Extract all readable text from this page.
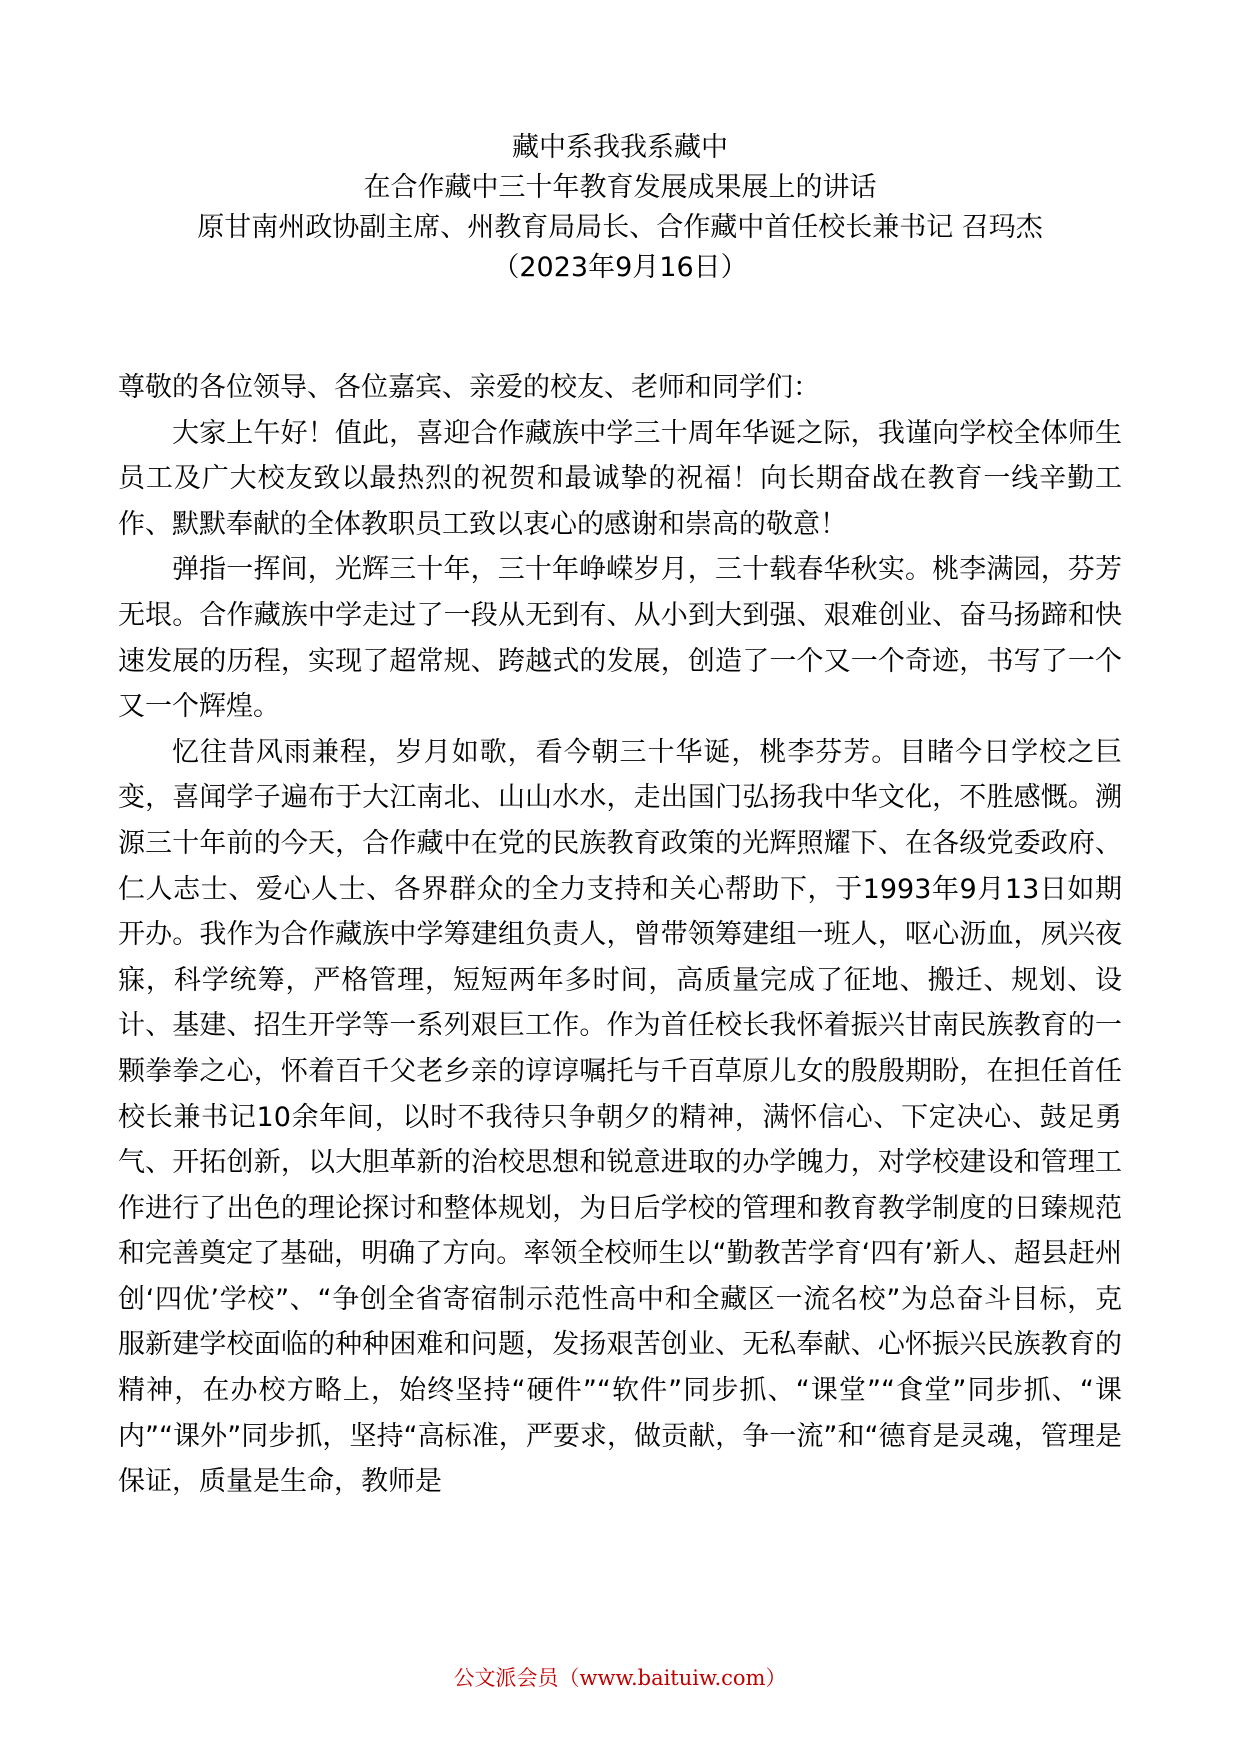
藏中系我我系藏中
在合作藏中三十年教育发展成果展上的讲话
原甘南州政协副主席、州教育局局长、合作藏中首任校长兼书记 召玛杰
（2023年9月16日）

尊敬的各位领导、各位嘉宾、亲爱的校友、老师和同学们：

大家上午好！值此，喜迎合作藏族中学三十周年华诞之际，我谨向学校全体师生员工及广大校友致以最热烈的祝贺和最诚挚的祝福！向长期奋战在教育一线辛勤工作、默默奉献的全体教职员工致以衷心的感谢和崇高的敬意！

弹指一挥间，光辉三十年，三十年峥嵘岁月，三十载春华秋实。桃李满园，芬芳无垠。合作藏族中学走过了一段从无到有、从小到大到强、艰难创业、奋马扬蹄和快速发展的历程，实现了超常规、跨越式的发展，创造了一个又一个奇迹，书写了一个又一个辉煌。

忆往昔风雨兼程，岁月如歌，看今朝三十华诞，桃李芬芳。目睹今日学校之巨变，喜闻学子遍布于大江南北、山山水水，走出国门弘扬我中华文化，不胜感慨。溯源三十年前的今天，合作藏中在党的民族教育政策的光辉照耀下、在各级党委政府、仁人志士、爱心人士、各界群众的全力支持和关心帮助下，于1993年9月13日如期开办。我作为合作藏族中学筹建组负责人，曾带领筹建组一班人，呕心沥血，夙兴夜寐，科学统筹，严格管理，短短两年多时间，高质量完成了征地、搬迁、规划、设计、基建、招生开学等一系列艰巨工作。作为首任校长我怀着振兴甘南民族教育的一颗拳拳之心，怀着百千父老乡亲的谆谆嘱托与千百草原儿女的殷殷期盼，在担任首任校长兼书记10余年间，以时不我待只争朝夕的精神，满怀信心、下定决心、鼓足勇气、开拓创新，以大胆革新的治校思想和锐意进取的办学魄力，对学校建设和管理工作进行了出色的理论探讨和整体规划，为日后学校的管理和教育教学制度的日臻规范和完善奠定了基础，明确了方向。率领全校师生以“勤教苦学育‘四有’新人、超县赶州创‘四优’学校”、“争创全省寄宿制示范性高中和全藏区一流名校”为总奋斗目标，克服新建学校面临的种种困难和问题，发扬艰苦创业、无私奉献、心怀振兴民族教育的精神，在办校方略上，始终坚持“硬件”“软件”同步抓、“课堂”“食堂”同步抓、“课内”“课外”同步抓，坚持“高标准，严要求，做贡献，争一流”和“德育是灵魂，管理是保证，质量是生命，教师是

公文派会员（www.baituiw.com）
